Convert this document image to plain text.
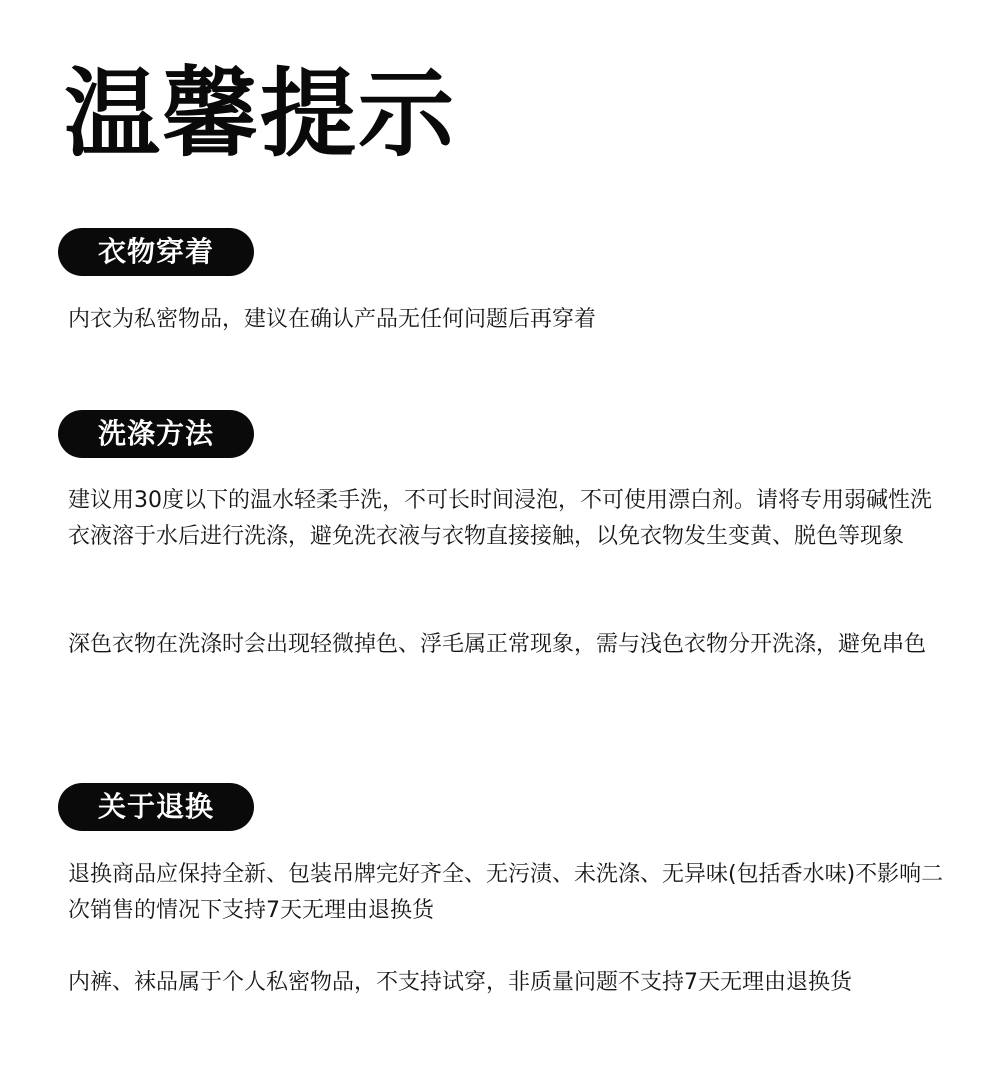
温馨提示
衣物穿着
内衣为私密物品，建议在确认产品无任何问题后再穿着
洗涤方法
建议用30度以下的温水轻柔手洗，不可长时间浸泡，不可使用漂白剂。请将专用弱碱性洗衣液溶于水后进行洗涤，避免洗衣液与衣物直接接触，以免衣物发生变黄、脱色等现象
深色衣物在洗涤时会出现轻微掉色、浮毛属正常现象，需与浅色衣物分开洗涤，避免串色
关于退换
退换商品应保持全新、包装吊牌完好齐全、无污渍、未洗涤、无异味(包括香水味)不影响二次销售的情况下支持7天无理由退换货
内裤、袜品属于个人私密物品，不支持试穿，非质量问题不支持7天无理由退换货
